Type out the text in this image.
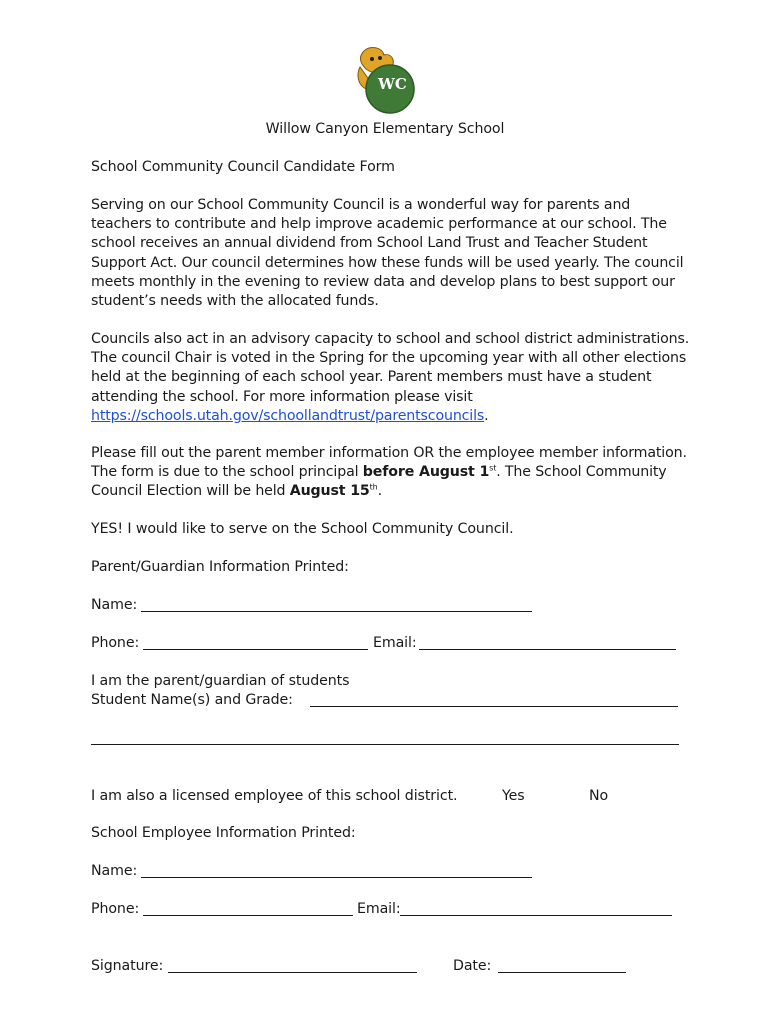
WC
Willow Canyon Elementary School
School Community Council Candidate Form
Serving on our School Community Council is a wonderful way for parents and teachers to contribute and help improve academic performance at our school. The school receives an annual dividend from School Land Trust and Teacher Student Support Act. Our council determines how these funds will be used yearly. The council meets monthly in the evening to review data and develop plans to best support our student’s needs with the allocated funds.
Councils also act in an advisory capacity to school and school district administrations. The council Chair is voted in the Spring for the upcoming year with all other elections held at the beginning of each school year. Parent members must have a student attending the school. For more information please visit https://schools.utah.gov/schoollandtrust/parentscouncils.
Please fill out the parent member information OR the employee member information. The form is due to the school principal before August 1st. The School Community Council Election will be held August 15th.
YES! I would like to serve on the School Community Council.
Parent/Guardian Information Printed:
Name:
Phone:	Email:
I am the parent/guardian of students
Student Name(s) and Grade:
I am also a licensed employee of this school district.	Yes	No
School Employee Information Printed:
Name:
Phone:	Email:
Signature:	Date:
